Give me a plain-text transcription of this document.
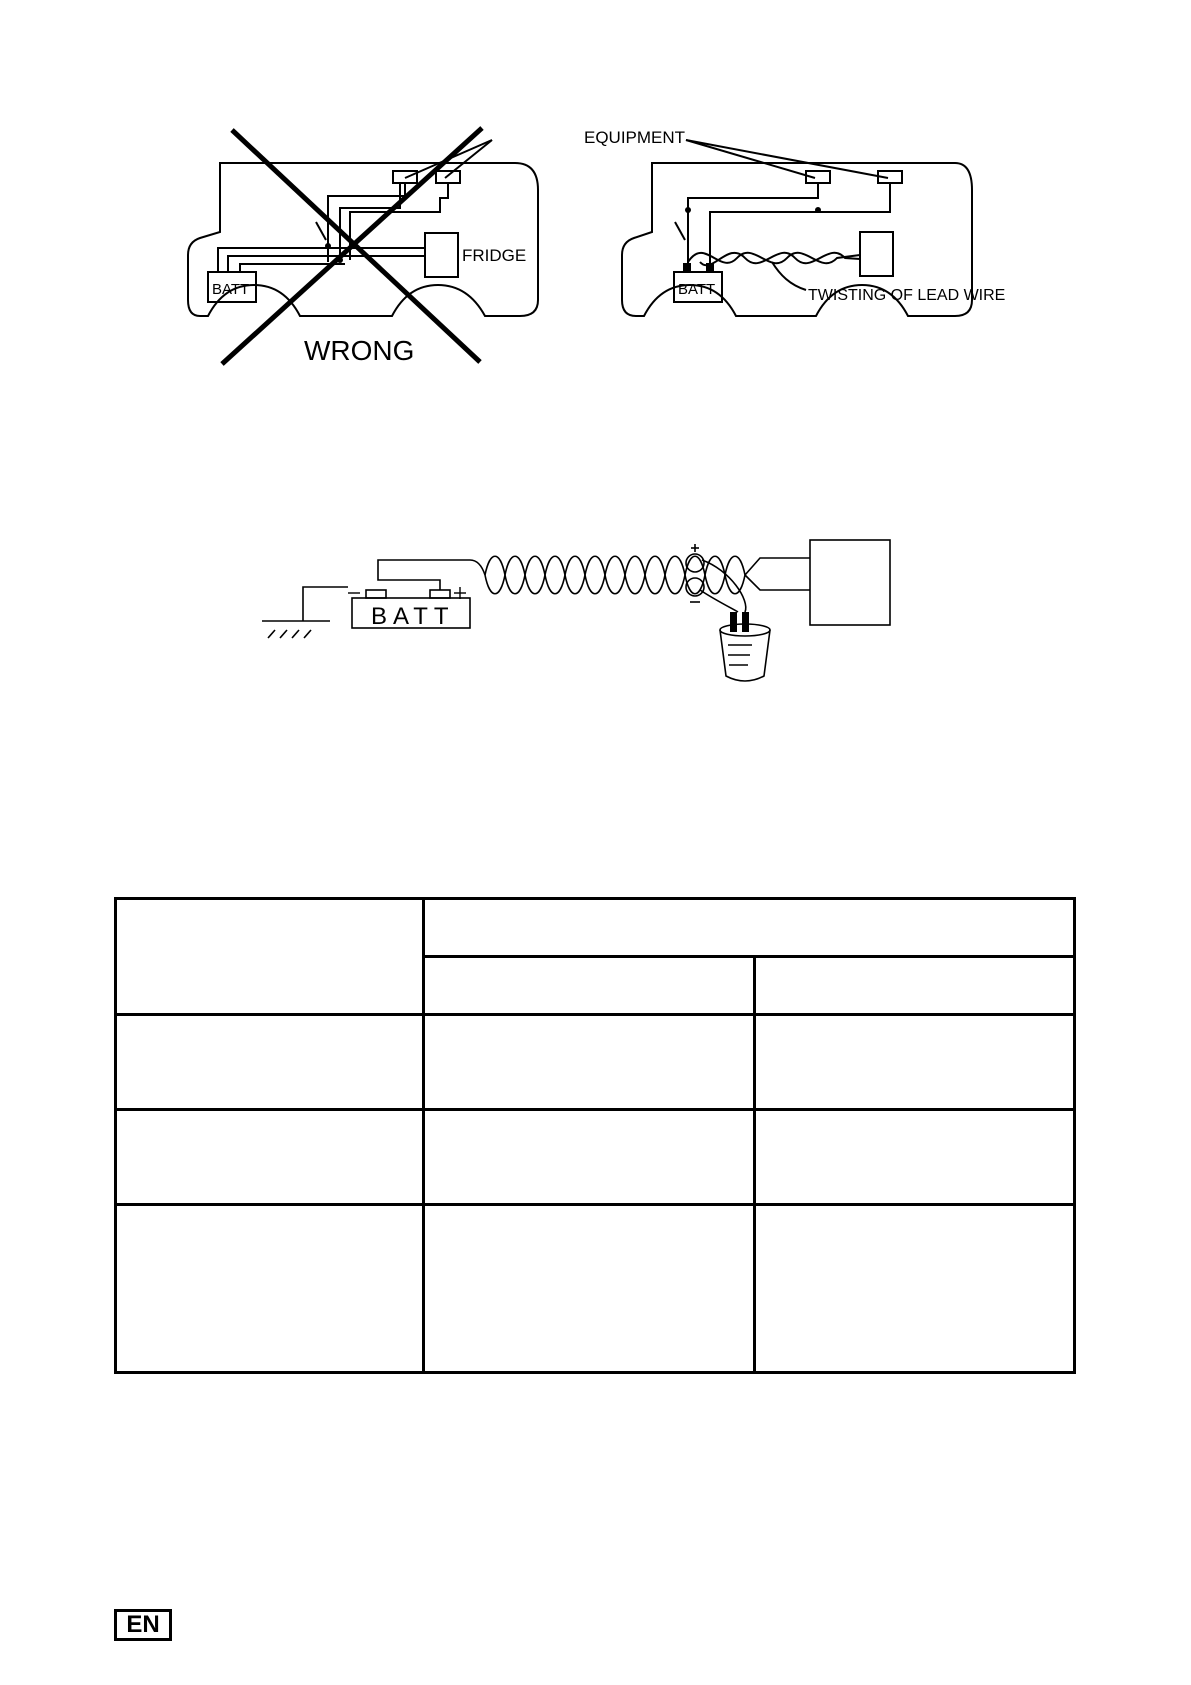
EQUIPMENT
FRIDGE
BATT	BATT	TWISTING OF LEAD WIRE
WRONG
BATT

EN
